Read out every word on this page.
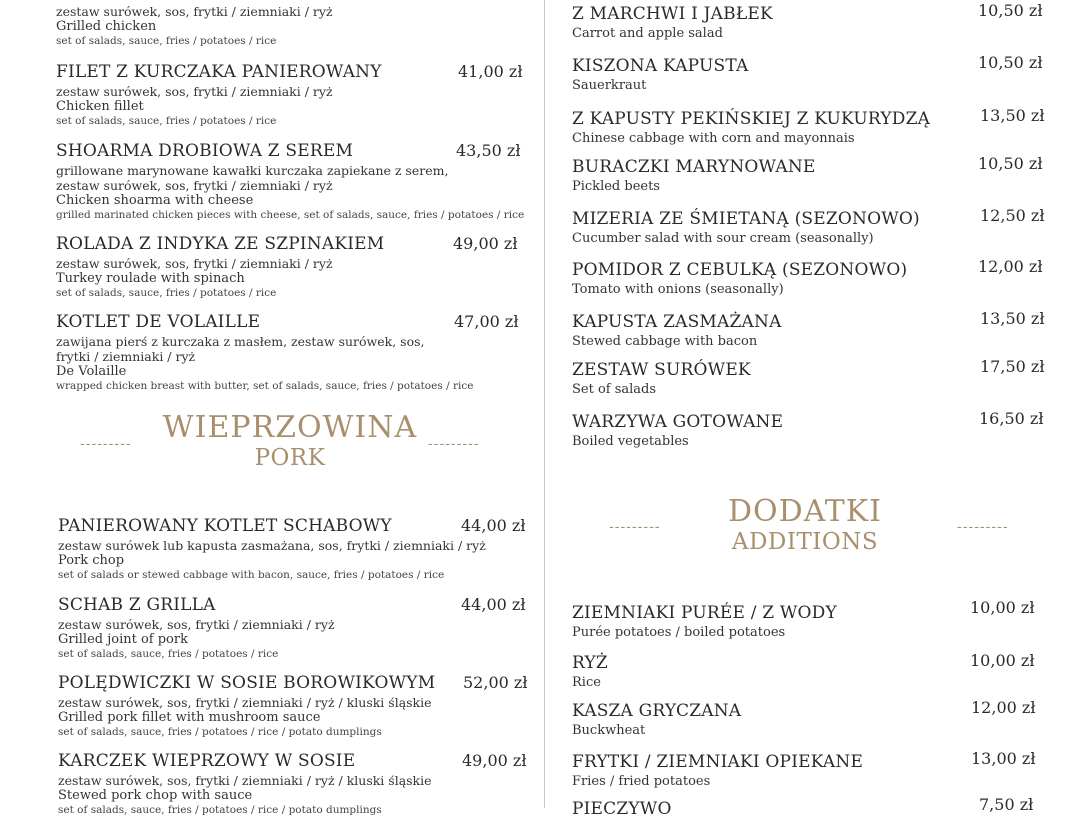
zestaw surówek, sos, frytki / ziemniaki / ryż
Grilled chicken
set of salads, sauce, fries / potatoes / rice
FILET Z KURCZAKA PANIEROWANY	41,00 zł
zestaw surówek, sos, frytki / ziemniaki / ryż
Chicken fillet
set of salads, sauce, fries / potatoes / rice
SHOARMA DROBIOWA Z SEREM	43,50 zł
grillowane marynowane kawałki kurczaka zapiekane z serem, zestaw surówek, sos, frytki / ziemniaki / ryż
Chicken shoarma with cheese
grilled marinated chicken pieces with cheese, set of salads, sauce, fries / potatoes / rice
ROLADA Z INDYKA ZE SZPINAKIEM	49,00 zł
zestaw surówek, sos, frytki / ziemniaki / ryż
Turkey roulade with spinach
set of salads, sauce, fries / potatoes / rice
KOTLET DE VOLAILLE	47,00 zł
zawijana pierś z kurczaka z masłem, zestaw surówek, sos, frytki / ziemniaki / ryż
De Volaille
wrapped chicken breast with butter, set of salads, sauce, fries / potatoes / rice
---------	WIEPRZOWINA
PORK
---------
PANIEROWANY KOTLET SCHABOWY	44,00 zł
zestaw surówek lub kapusta zasmażana, sos, frytki / ziemniaki / ryż
Pork chop
set of salads or stewed cabbage with bacon, sauce, fries / potatoes / rice
SCHAB Z GRILLA	44,00 zł
zestaw surówek, sos, frytki / ziemniaki / ryż
Grilled joint of pork
set of salads, sauce, fries / potatoes / rice
POLĘDWICZKI W SOSIE BOROWIKOWYM 52,00 zł
zestaw surówek, sos, frytki / ziemniaki / ryż / kluski śląskie
Grilled pork fillet with mushroom sauce
set of salads, sauce, fries / potatoes / rice / potato dumplings
KARCZEK WIEPRZOWY W SOSIE	49,00 zł
zestaw surówek, sos, frytki / ziemniaki / ryż / kluski śląskie
Stewed pork chop with sauce
set of salads, sauce, fries / potatoes / rice / potato dumplings
Z MARCHWI I JABŁEK	10,50 zł
Carrot and apple salad
KISZONA KAPUSTA	10,50 zł
Sauerkraut
Z KAPUSTY PEKIŃSKIEJ Z KUKURYDZĄ	13,50 zł
Chinese cabbage with corn and mayonnais
BURACZKI MARYNOWANE	10,50 zł
Pickled beets
MIZERIA ZE ŚMIETANĄ (SEZONOWO)	12,50 zł
Cucumber salad with sour cream (seasonally)
POMIDOR Z CEBULKĄ (SEZONOWO)	12,00 zł
Tomato with onions (seasonally)
KAPUSTA ZASMAŻANA	13,50 zł
Stewed cabbage with bacon
ZESTAW SURÓWEK	17,50 zł
Set of salads
WARZYWA GOTOWANE	16,50 zł
Boiled vegetables
---------	DODATKI
ADDITIONS
---------
ZIEMNIAKI PURÉE / Z WODY	10,00 zł
Purée potatoes / boiled potatoes
RYŻ	10,00 zł
Rice
KASZA GRYCZANA	12,00 zł
Buckwheat
FRYTKI / ZIEMNIAKI OPIEKANE	13,00 zł
Fries / fried potatoes
PIECZYWO	7,50 zł
